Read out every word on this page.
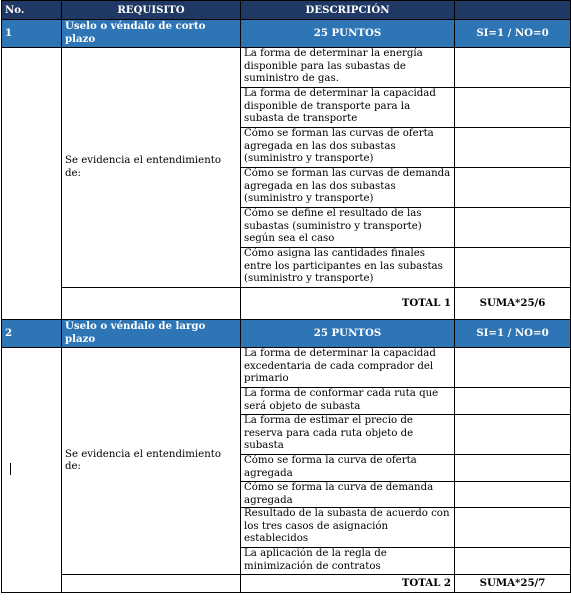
No.	REQUISITO	DESCRIPCIÓN	
1	Úselo o véndalo de corto plazo	25 PUNTOS	SI=1 / NO=0
	Se evidencia el entendimiento de:	La forma de determinar la energía disponible para las subastas de suministro de gas.	
		La forma de determinar la capacidad disponible de transporte para la subasta de transporte	
		Cómo se forman las curvas de oferta agregada en las dos subastas (suministro y transporte)	
		Cómo se forman las curvas de demanda agregada en las dos subastas (suministro y transporte)	
		Cómo se define el resultado de las subastas (suministro y transporte) según sea el caso	
		Cómo asigna las cantidades finales entre los participantes en las subastas (suministro y transporte)	
		TOTAL 1	SUMA*25/6
2	Úselo o véndalo de largo plazo	25 PUNTOS	SI=1 / NO=0
	Se evidencia el entendimiento de:	La forma de determinar la capacidad excedentaria de cada comprador del primario	
		La forma de conformar cada ruta que será objeto de subasta	
		La forma de estimar el precio de reserva para cada ruta objeto de subasta	
		Cómo se forma la curva de oferta agregada	
		Cómo se forma la curva de demanda agregada	
		Resultado de la subasta de acuerdo con los tres casos de asignación establecidos	
		La aplicación de la regla de minimización de contratos	
		TOTAL 2	SUMA*25/7
